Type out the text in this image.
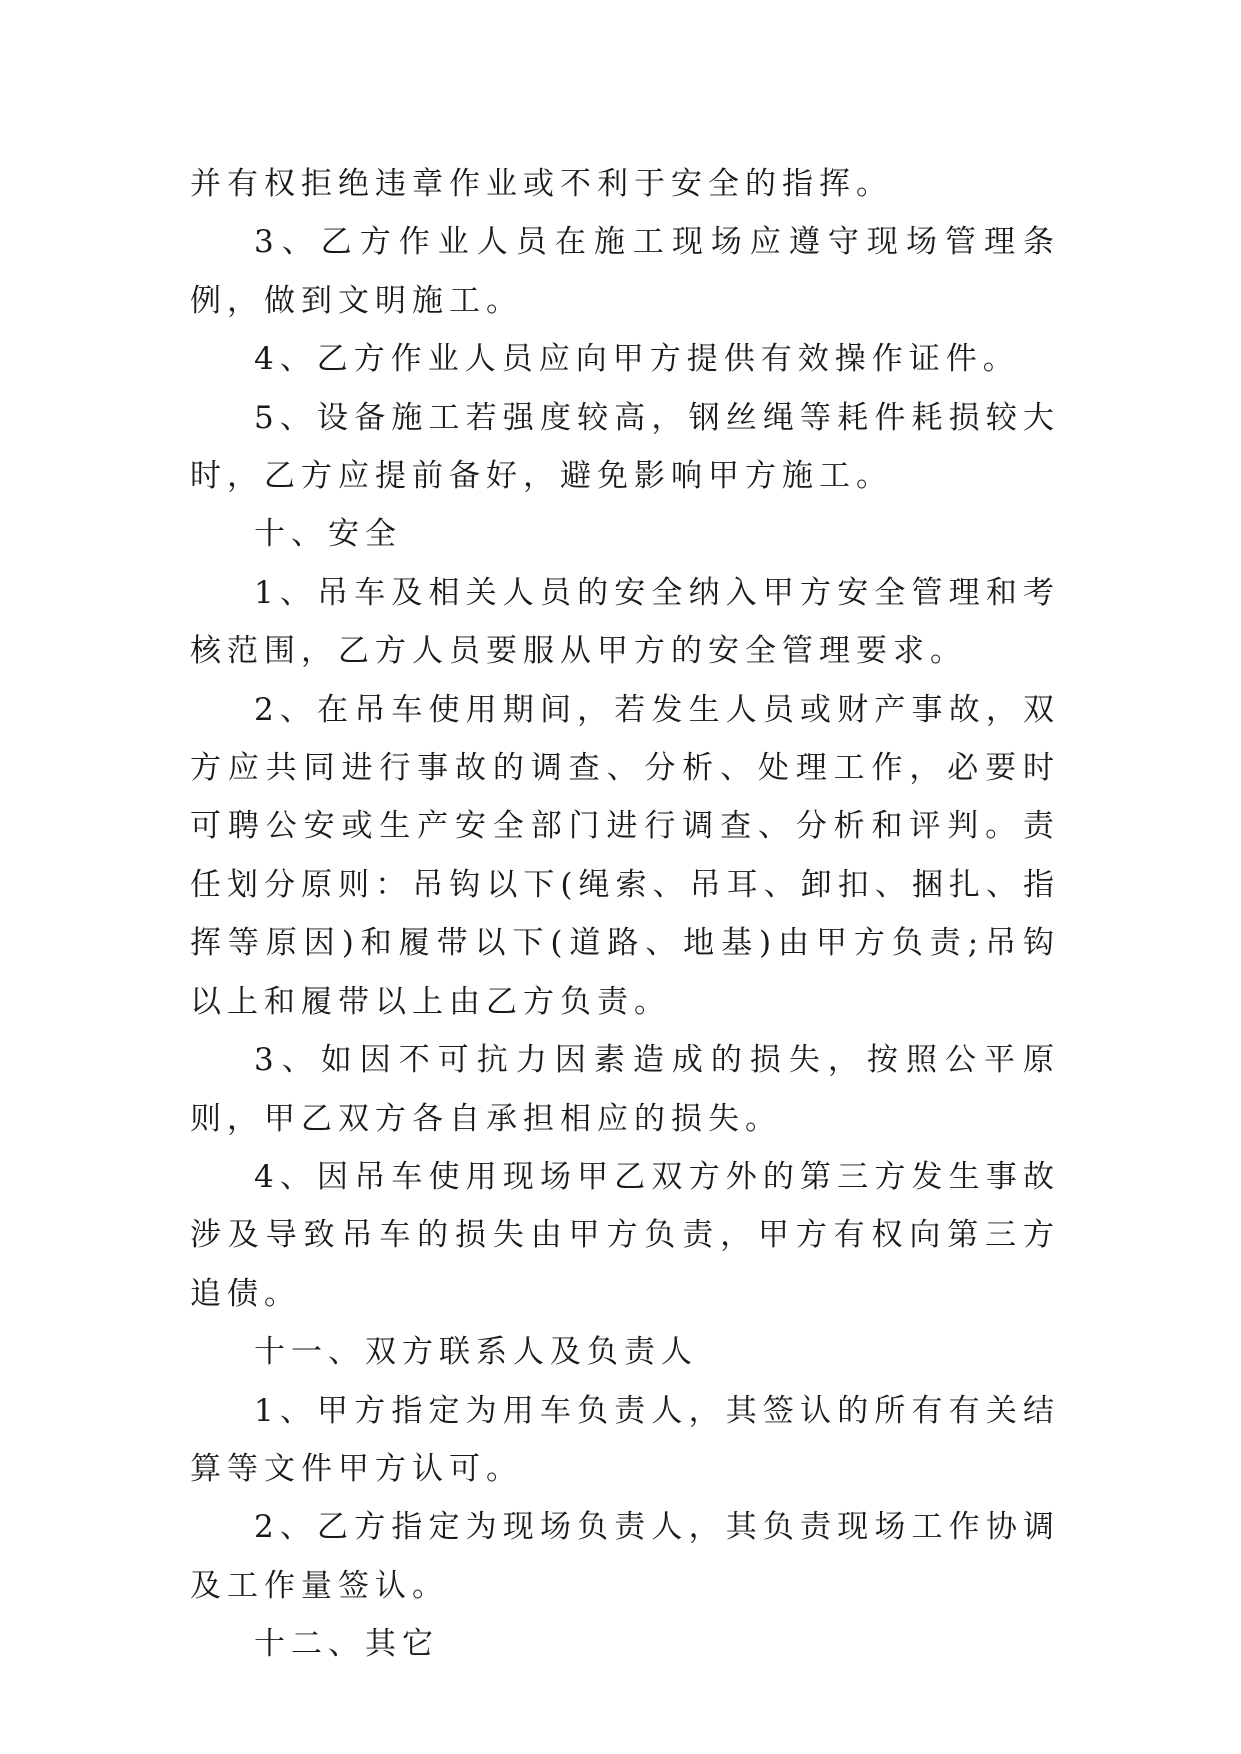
并有权拒绝违章作业或不利于安全的指挥。

3、乙方作业人员在施工现场应遵守现场管理条例，做到文明施工。

4、乙方作业人员应向甲方提供有效操作证件。

5、设备施工若强度较高，钢丝绳等耗件耗损较大时，乙方应提前备好，避免影响甲方施工。

十、安全

1、吊车及相关人员的安全纳入甲方安全管理和考核范围，乙方人员要服从甲方的安全管理要求。

2、在吊车使用期间，若发生人员或财产事故，双方应共同进行事故的调查、分析、处理工作，必要时可聘公安或生产安全部门进行调查、分析和评判。责任划分原则：吊钩以下(绳索、吊耳、卸扣、捆扎、指挥等原因)和履带以下(道路、地基)由甲方负责;吊钩以上和履带以上由乙方负责。

3、如因不可抗力因素造成的损失，按照公平原则，甲乙双方各自承担相应的损失。

4、因吊车使用现场甲乙双方外的第三方发生事故涉及导致吊车的损失由甲方负责，甲方有权向第三方追债。

十一、双方联系人及负责人

1、甲方指定为用车负责人，其签认的所有有关结算等文件甲方认可。

2、乙方指定为现场负责人，其负责现场工作协调及工作量签认。

十二、其它
